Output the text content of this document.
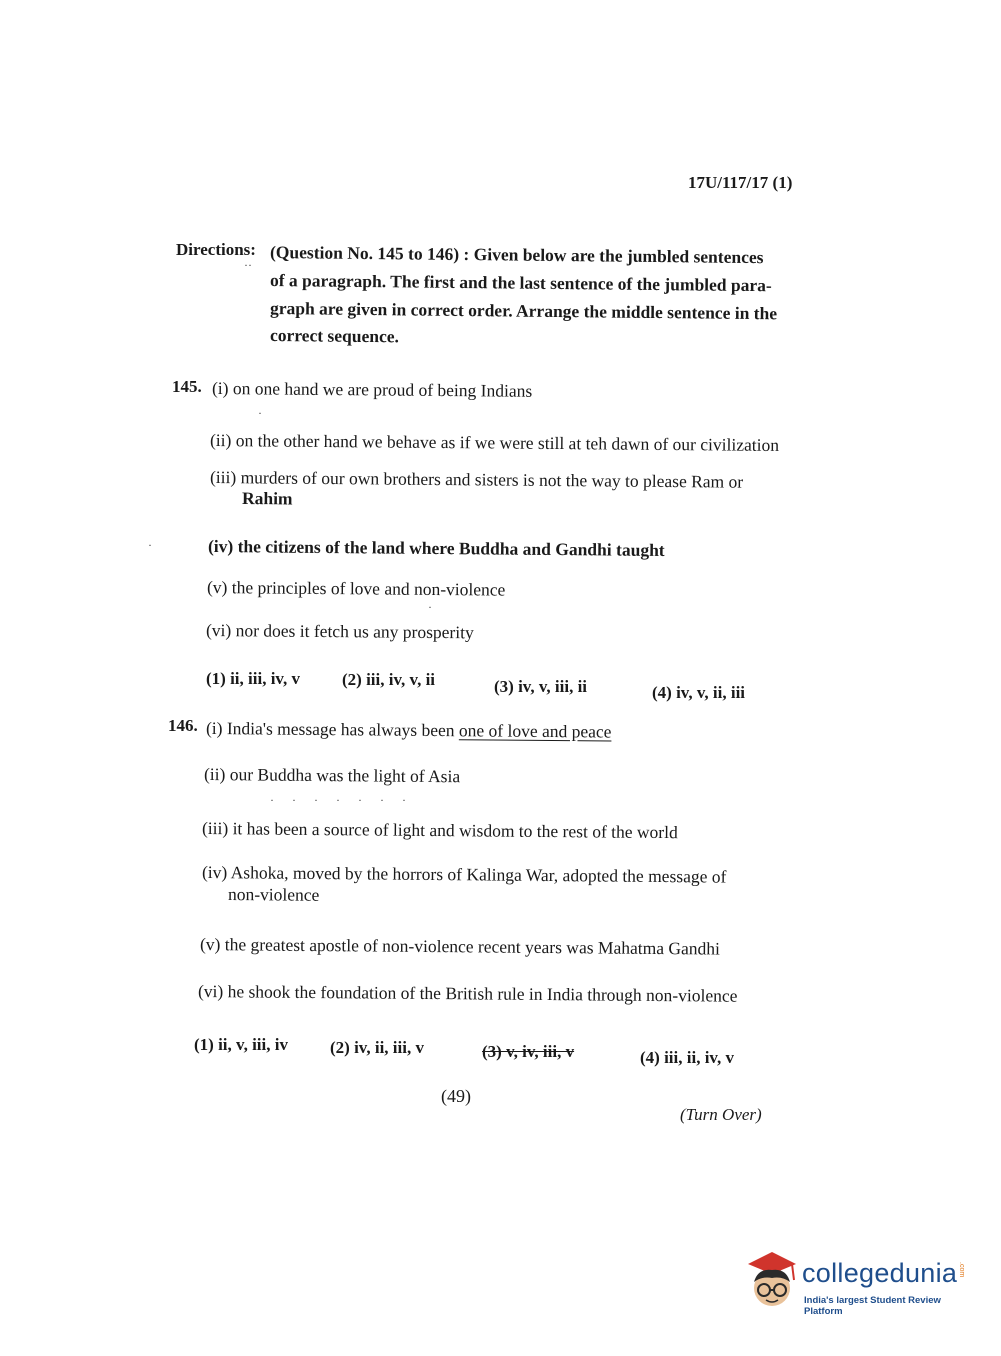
17U/117/17 (1)
Directions: (Question No. 145 to 146) : Given below are the jumbled sentences
of a paragraph. The first and the last sentence of the jumbled para-
graph are given in correct order. Arrange the middle sentence in the
correct sequence.
145. (i) on one hand we are proud of being Indians
(ii) on the other hand we behave as if we were still at teh dawn of our civilization
(iii) murders of our own brothers and sisters is not the way to please Ram or
Rahim
(iv) the citizens of the land where Buddha and Gandhi taught
(v) the principles of love and non-violence
(vi) nor does it fetch us any prosperity
(1) ii, iii, iv, v (2) iii, iv, v, ii	(3) iv, v, iii, ii	(4) iv, v, ii, iii
146. (i) India's message has always been one of love and peace
(ii) our Buddha was the light of Asia
(iii) it has been a source of light and wisdom to the rest of the world
(iv) Ashoka, moved by the horrors of Kalinga War, adopted the message of
non-violence
(v) the greatest apostle of non-violence recent years was Mahatma Gandhi
(vi) he shook the foundation of the British rule in India through non-violence
(1) ii, v, iii, iv (2) iv, ii, iii, v	(3) v, iv, iii, v	(4) iii, ii, iv, v
(49)
(Turn Over)
··
·
·
·······
·
collegedunia .com
India's largest Student Review Platform
